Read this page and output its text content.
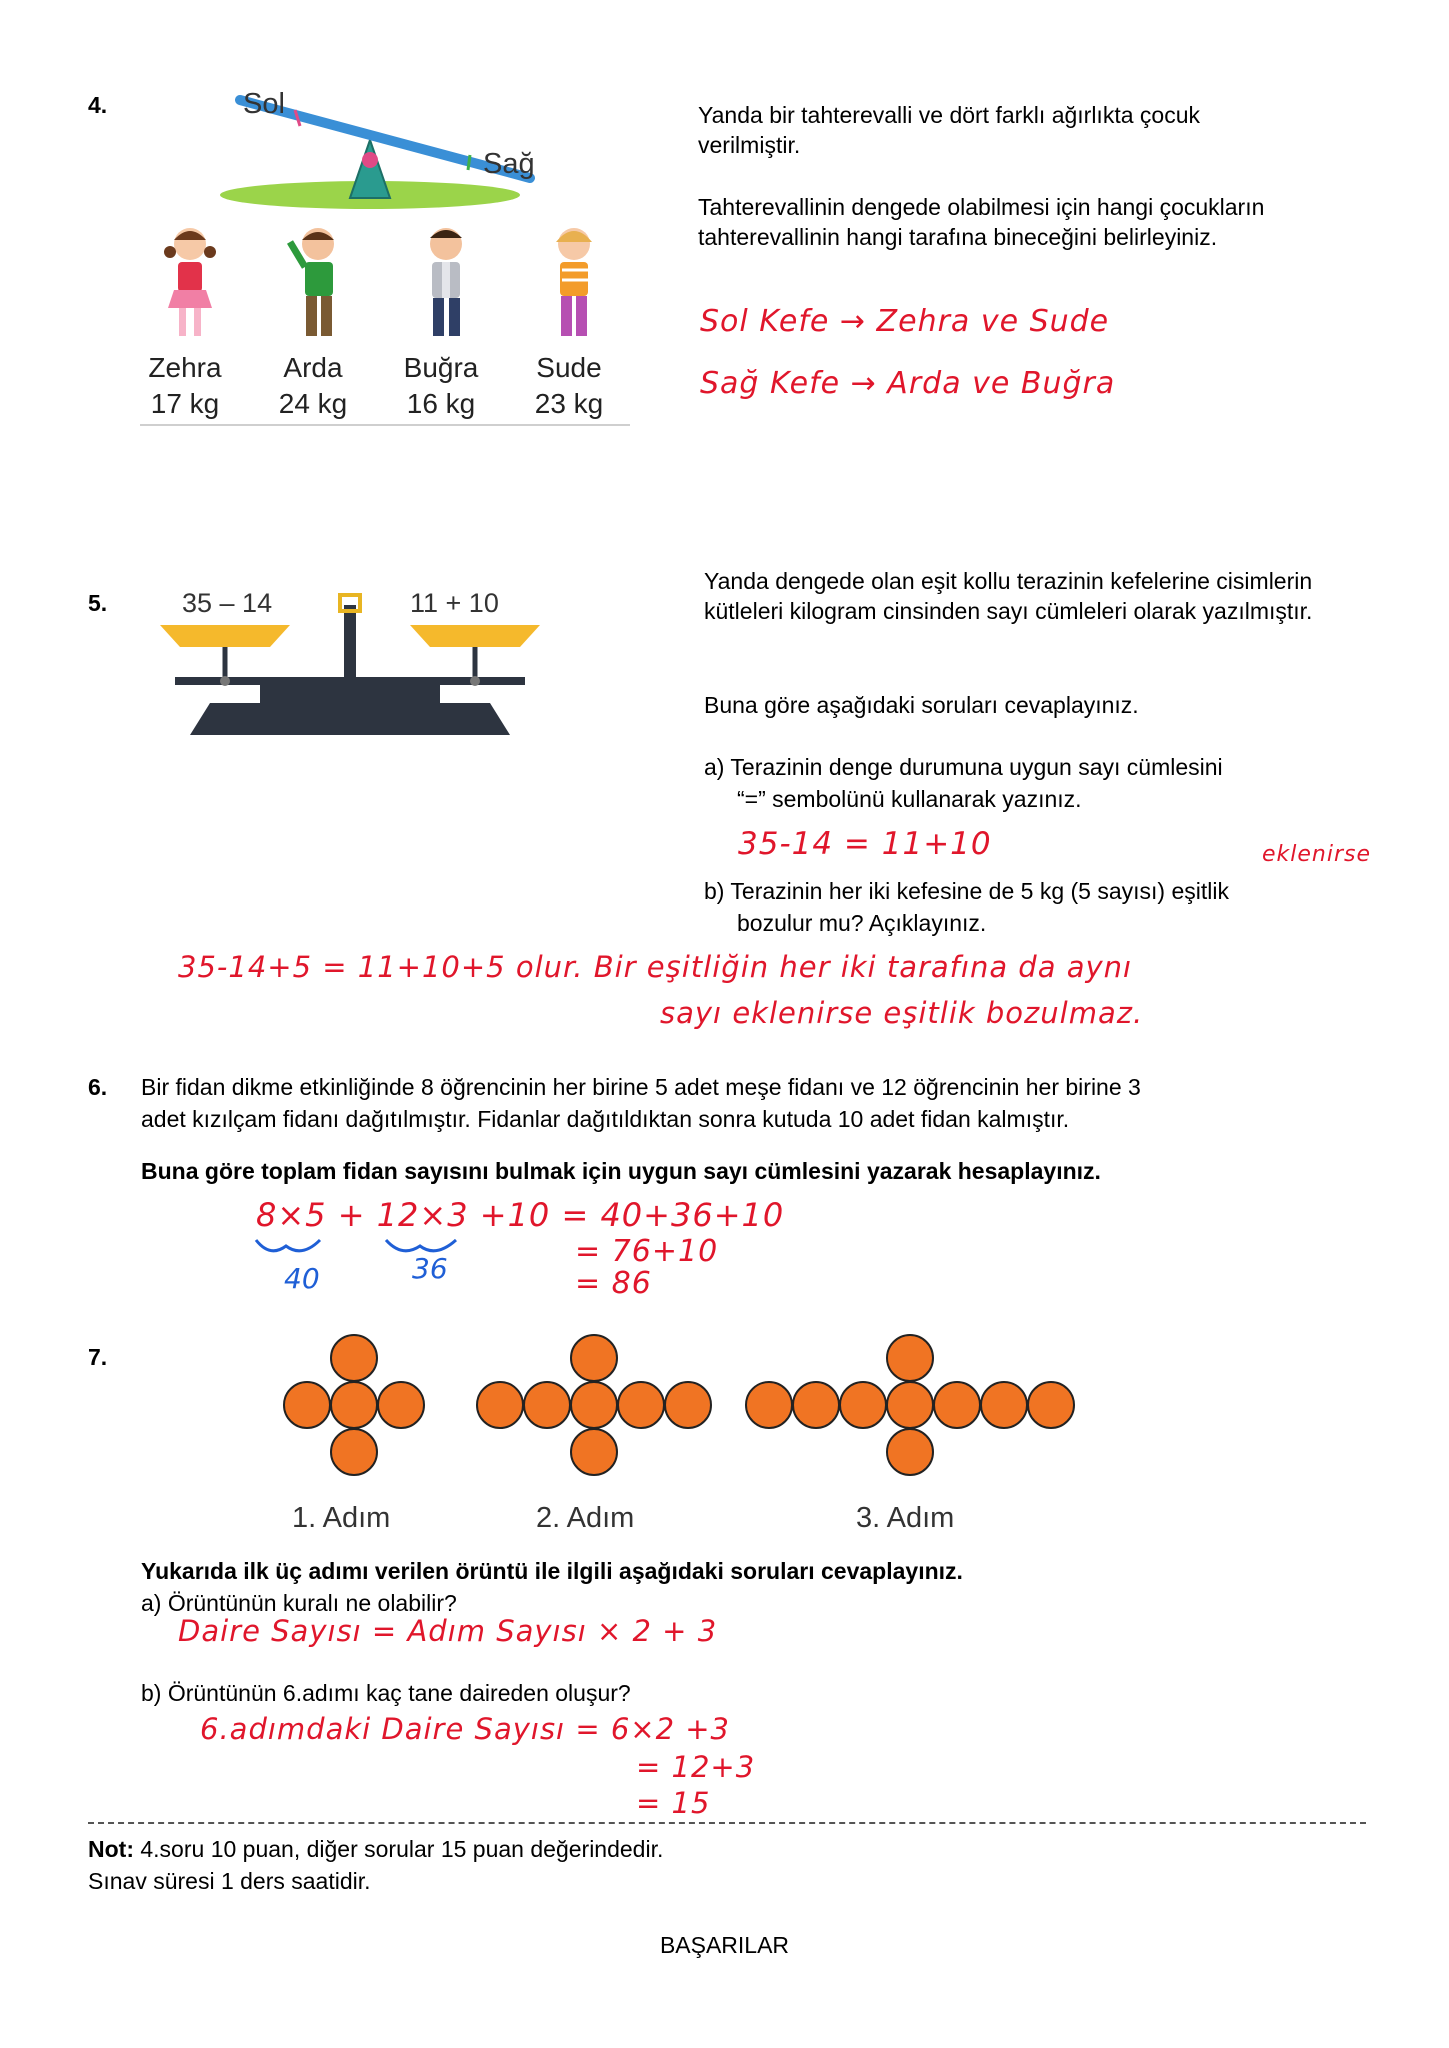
4.	Sol
Sağ
Zehra
17 kg
Arda
24 kg
Buğra
16 kg
Sude
23 kg
Yanda bir tahterevalli ve dört farklı ağırlıkta çocuk verilmiştir.
Tahterevallinin dengede olabilmesi için hangi çocukların tahterevallinin hangi tarafına bineceğini belirleyiniz.
Sol Kefe → Zehra ve Sude
Sağ Kefe → Arda ve Buğra
5.	35 – 14	11 + 10
Yanda dengede olan eşit kollu terazinin kefelerine cisimlerin kütleleri kilogram cinsinden sayı cümleleri olarak yazılmıştır.
Buna göre aşağıdaki soruları cevaplayınız.
a) Terazinin denge durumuna uygun sayı cümlesini
“=” sembolünü kullanarak yazınız.
35-14 = 11+10	eklenirse
b) Terazinin her iki kefesine de 5 kg (5 sayısı) eşitlik
bozulur mu? Açıklayınız.
35-14+5 = 11+10+5 olur. Bir eşitliğin her iki tarafına da aynı
sayı eklenirse eşitlik bozulmaz.
6. Bir fidan dikme etkinliğinde 8 öğrencinin her birine 5 adet meşe fidanı ve 12 öğrencinin her birine 3
adet kızılçam fidanı dağıtılmıştır. Fidanlar dağıtıldıktan sonra kutuda 10 adet fidan kalmıştır.
Buna göre toplam fidan sayısını bulmak için uygun sayı cümlesini yazarak hesaplayınız.
8×5 + 12×3 +10 = 40+36+10
= 76+10
= 86
40	36
7.
1. Adım	2. Adım	3. Adım
Yukarıda ilk üç adımı verilen örüntü ile ilgili aşağıdaki soruları cevaplayınız.
a) Örüntünün kuralı ne olabilir?
Daire Sayısı = Adım Sayısı × 2 + 3
b) Örüntünün 6.adımı kaç tane daireden oluşur?
6.adımdaki Daire Sayısı = 6×2 +3
= 12+3
= 15
Not: 4.soru 10 puan, diğer sorular 15 puan değerindedir.
Sınav süresi 1 ders saatidir.
BAŞARILAR
